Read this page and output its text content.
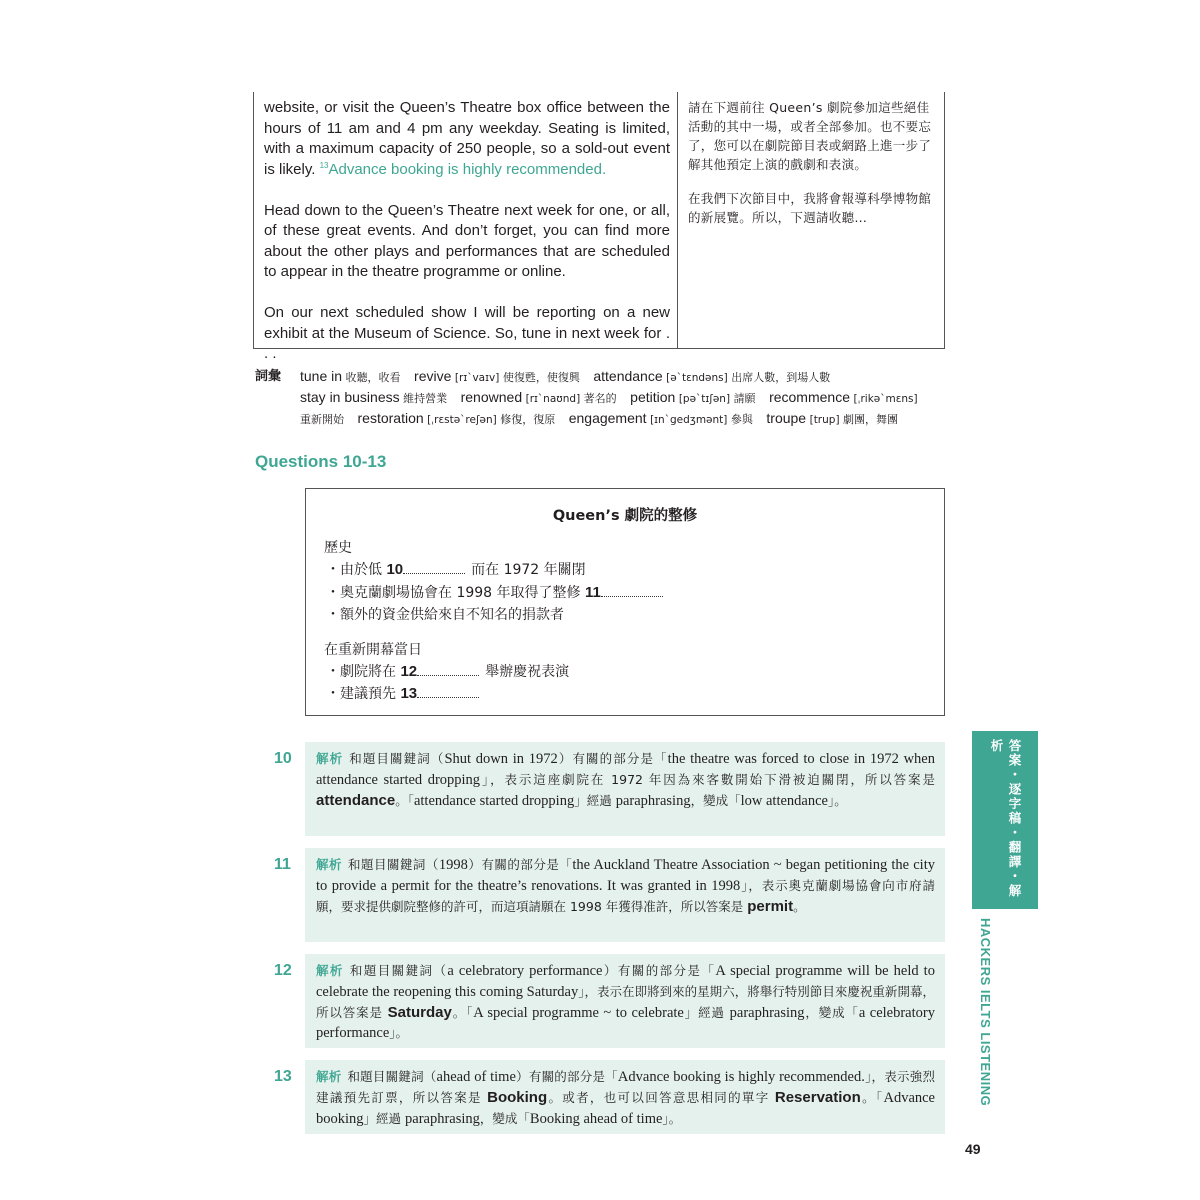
website, or visit the Queen’s Theatre box office between the hours of 11 am and 4 pm any weekday. Seating is limited, with a maximum capacity of 250 people, so a sold-out event is likely. $^{13}$Advance booking is highly recommended.

Head down to the Queen’s Theatre next week for one, or all, of these great events. And don’t forget, you can find more about the other plays and performances that are scheduled to appear in the theatre programme or online.

On our next scheduled show I will be reporting on a new exhibit at the Museum of Science. So, tune in next week for . . .

請在下週前往 Queen’s 劇院參加這些絕佳活動的其中一場，或者全部參加。也不要忘了，您可以在劇院節目表或網路上進一步了解其他預定上演的戲劇和表演。

在我們下次節目中，我將會報導科學博物館的新展覽。所以，下週請收聽…

詞彙 tune in 收聽，收看 revive [rɪˋvaɪv] 使復甦，使復興 attendance [əˋtɛndəns] 出席人數，到場人數
stay in business 維持營業 renowned [rɪˋnaʊnd] 著名的 petition [pəˋtɪʃən] 請願 recommence [ˌrikəˋmɛns]
重新開始 restoration [ˌrɛstəˋreʃən] 修復，復原 engagement [ɪnˋgedʒmənt] 參與 troupe [trup] 劇團，舞團
Questions 10-13
Queen’s 劇院的整修
歷史
・由於低 10	而在 1972 年關閉
・奧克蘭劇場協會在 1998 年取得了整修 11
・額外的資金供給來自不知名的捐款者
在重新開幕當日
・劇院將在 12	舉辦慶祝表演
・建議預先 13
10	解析 和題目關鍵詞（Shut down in 1972）有關的部分是「the theatre was forced to close in 1972 when attendance started dropping」，表示這座劇院在 1972 年因為來客數開始下滑被迫關閉，所以答案是 attendance。「attendance started dropping」經過 paraphrasing，變成「low attendance」。
11	解析 和題目關鍵詞（1998）有關的部分是「the Auckland Theatre Association ~ began petitioning the city to provide a permit for the theatre’s renovations. It was granted in 1998」，表示奧克蘭劇場協會向市府請願，要求提供劇院整修的許可，而這項請願在 1998 年獲得准許，所以答案是 permit。
12	解析 和題目關鍵詞（a celebratory performance）有關的部分是「A special programme will be held to celebrate the reopening this coming Saturday」，表示在即將到來的星期六，將舉行特別節目來慶祝重新開幕，所以答案是 Saturday。「A special programme ~ to celebrate」經過 paraphrasing，變成「a celebratory performance」。
13	解析 和題目關鍵詞（ahead of time）有關的部分是「Advance booking is highly recommended.」，表示強烈建議預先訂票，所以答案是 Booking。或者，也可以回答意思相同的單字 Reservation。「Advance booking」經過 paraphrasing，變成「Booking ahead of time」。
答案・逐字稿・翻譯・解析
HACKERS IELTS LISTENING
49
